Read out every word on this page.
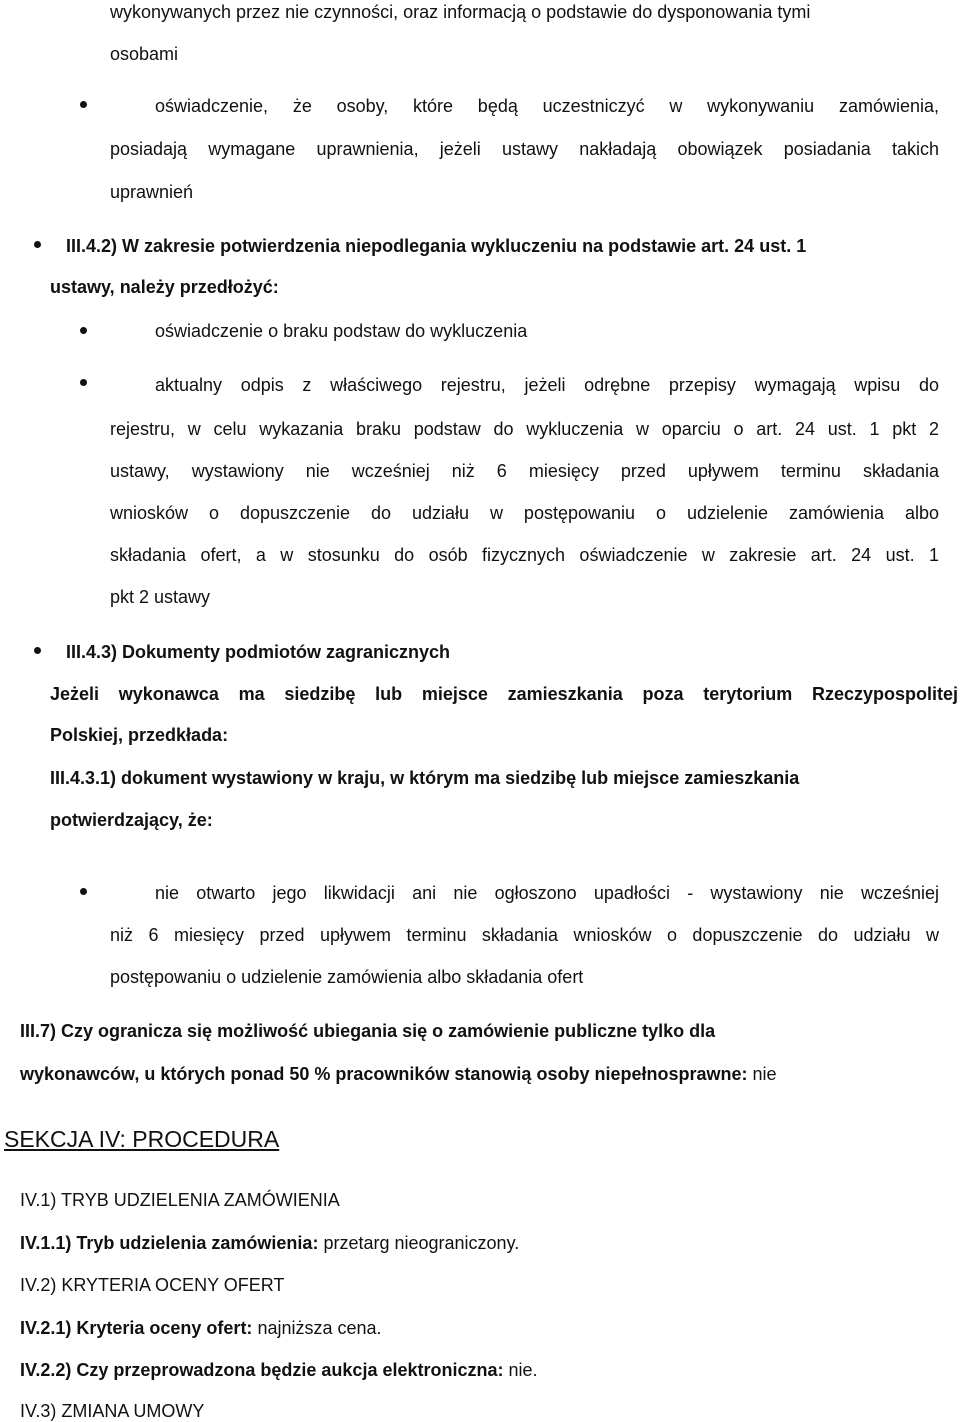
wykonywanych przez nie czynności, oraz informacją o podstawie do dysponowania tymi
osobami
oświadczenie, że osoby, które będą uczestniczyć w wykonywaniu zamówienia,
posiadają wymagane uprawnienia, jeżeli ustawy nakładają obowiązek posiadania takich
uprawnień
III.4.2) W zakresie potwierdzenia niepodlegania wykluczeniu na podstawie art. 24 ust. 1
ustawy, należy przedłożyć:
oświadczenie o braku podstaw do wykluczenia
aktualny odpis z właściwego rejestru, jeżeli odrębne przepisy wymagają wpisu do
rejestru, w celu wykazania braku podstaw do wykluczenia w oparciu o art. 24 ust. 1 pkt 2
ustawy, wystawiony nie wcześniej niż 6 miesięcy przed upływem terminu składania
wniosków o dopuszczenie do udziału w postępowaniu o udzielenie zamówienia albo
składania ofert, a w stosunku do osób fizycznych oświadczenie w zakresie art. 24 ust. 1
pkt 2 ustawy
III.4.3) Dokumenty podmiotów zagranicznych
Jeżeli wykonawca ma siedzibę lub miejsce zamieszkania poza terytorium Rzeczypospolitej
Polskiej, przedkłada:
III.4.3.1) dokument wystawiony w kraju, w którym ma siedzibę lub miejsce zamieszkania
potwierdzający, że:
nie otwarto jego likwidacji ani nie ogłoszono upadłości - wystawiony nie wcześniej
niż 6 miesięcy przed upływem terminu składania wniosków o dopuszczenie do udziału w
postępowaniu o udzielenie zamówienia albo składania ofert
III.7) Czy ogranicza się możliwość ubiegania się o zamówienie publiczne tylko dla
wykonawców, u których ponad 50 % pracowników stanowią osoby niepełnosprawne: nie
SEKCJA IV: PROCEDURA
IV.1) TRYB UDZIELENIA ZAMÓWIENIA
IV.1.1) Tryb udzielenia zamówienia: przetarg nieograniczony.
IV.2) KRYTERIA OCENY OFERT
IV.2.1) Kryteria oceny ofert: najniższa cena.
IV.2.2) Czy przeprowadzona będzie aukcja elektroniczna: nie.
IV.3) ZMIANA UMOWY
